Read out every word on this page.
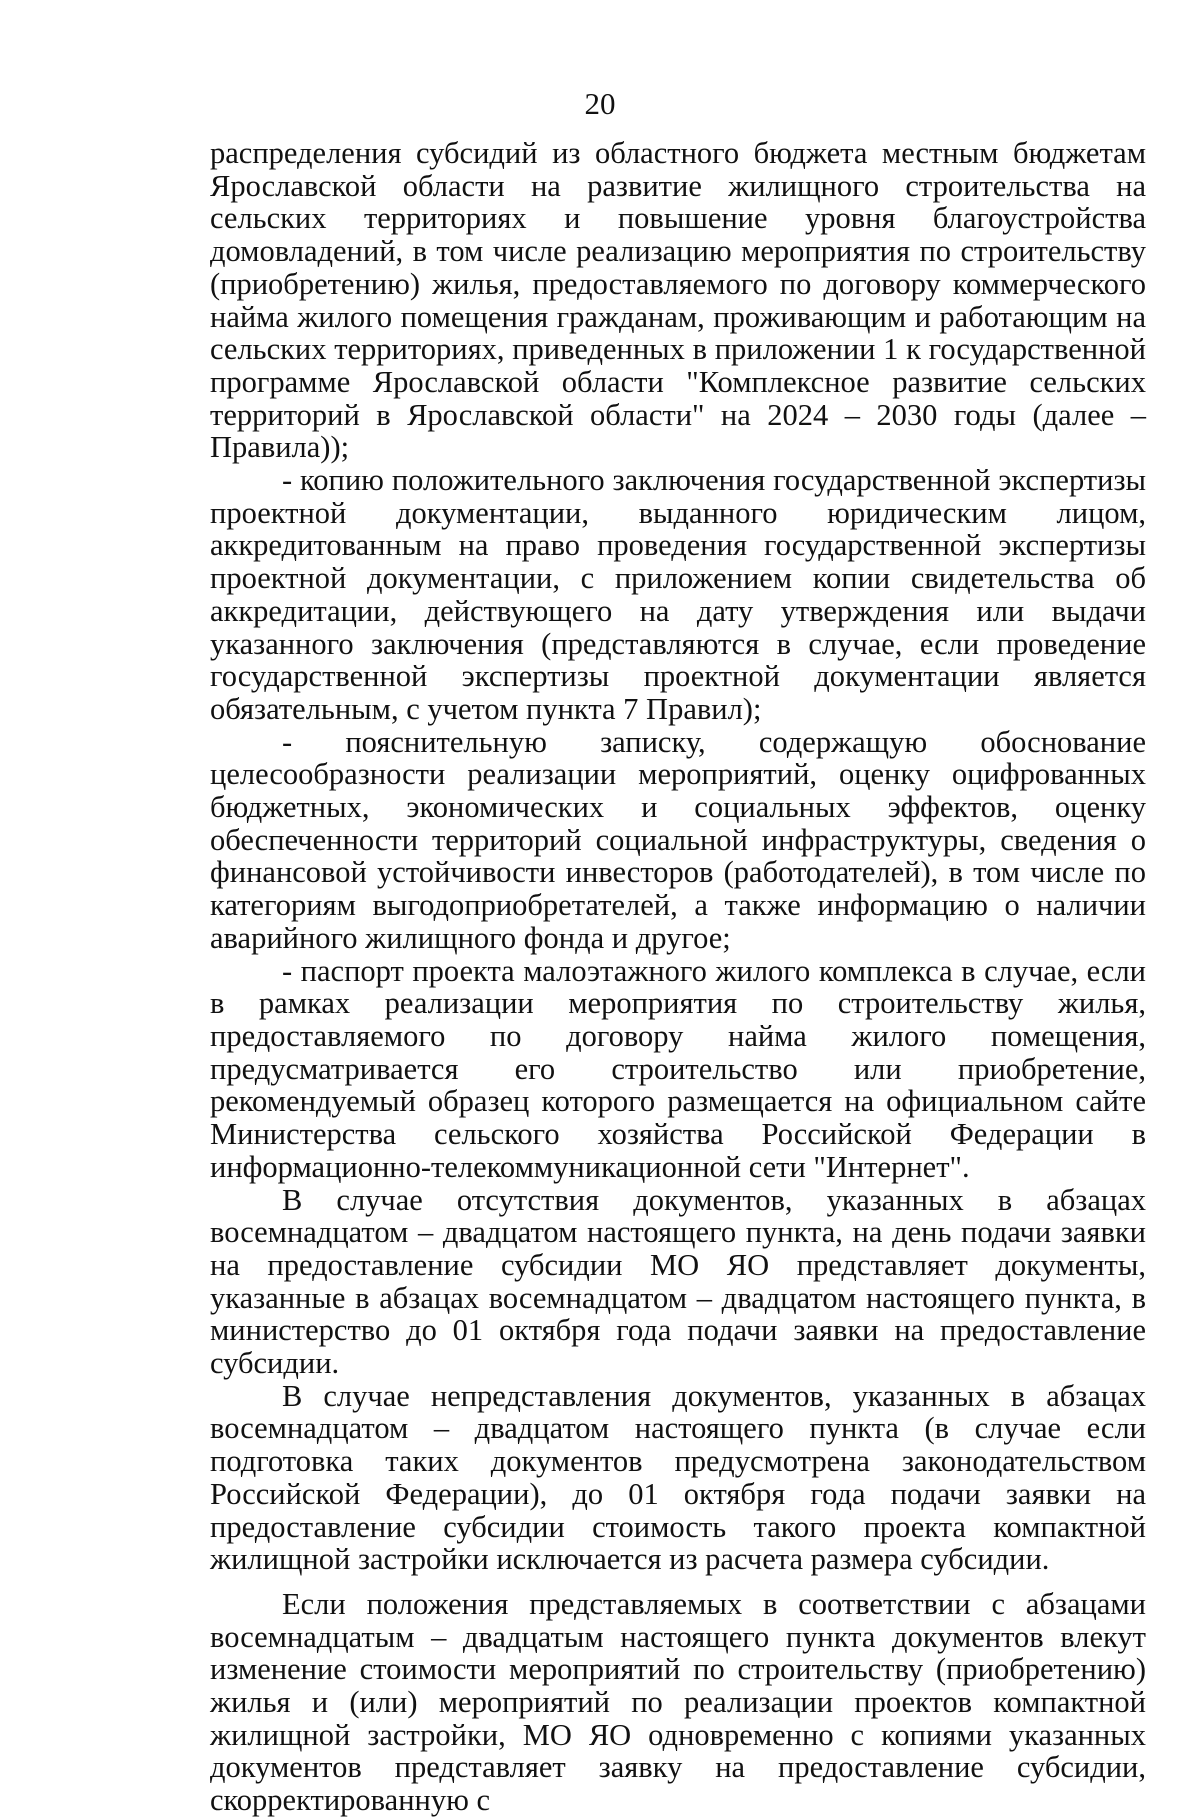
20

распределения субсидий из областного бюджета местным бюджетам Ярославской области на развитие жилищного строительства на сельских территориях и повышение уровня благоустройства домовладений, в том числе реализацию мероприятия по строительству (приобретению) жилья, предоставляемого по договору коммерческого найма жилого помещения гражданам, проживающим и работающим на сельских территориях, приведенных в приложении 1 к государственной программе Ярославской области "Комплексное развитие сельских территорий в Ярославской области" на 2024 – 2030 годы (далее – Правила));

- копию положительного заключения государственной экспертизы проектной документации, выданного юридическим лицом, аккредитованным на право проведения государственной экспертизы проектной документации, с приложением копии свидетельства об аккредитации, действующего на дату утверждения или выдачи указанного заключения (представляются в случае, если проведение государственной экспертизы проектной документации является обязательным, с учетом пункта 7 Правил);

- пояснительную записку, содержащую обоснование целесообразности реализации мероприятий, оценку оцифрованных бюджетных, экономических и социальных эффектов, оценку обеспеченности территорий социальной инфраструктуры, сведения о финансовой устойчивости инвесторов (работодателей), в том числе по категориям выгодоприобретателей, а также информацию о наличии аварийного жилищного фонда и другое;

- паспорт проекта малоэтажного жилого комплекса в случае, если в рамках реализации мероприятия по строительству жилья, предоставляемого по договору найма жилого помещения, предусматривается его строительство или приобретение, рекомендуемый образец которого размещается на официальном сайте Министерства сельского хозяйства Российской Федерации в информационно-телекоммуникационной сети "Интернет".

В случае отсутствия документов, указанных в абзацах восемнадцатом – двадцатом настоящего пункта, на день подачи заявки на предоставление субсидии МО ЯО представляет документы, указанные в абзацах восемнадцатом – двадцатом настоящего пункта, в министерство до 01 октября года подачи заявки на предоставление субсидии.

В случае непредставления документов, указанных в абзацах восемнадцатом – двадцатом настоящего пункта (в случае если подготовка таких документов предусмотрена законодательством Российской Федерации), до 01 октября года подачи заявки на предоставление субсидии стоимость такого проекта компактной жилищной застройки исключается из расчета размера субсидии.

Если положения представляемых в соответствии с абзацами восемнадцатым – двадцатым настоящего пункта документов влекут изменение стоимости мероприятий по строительству (приобретению) жилья и (или) мероприятий по реализации проектов компактной жилищной застройки, МО ЯО одновременно с копиями указанных документов представляет заявку на предоставление субсидии, скорректированную с
